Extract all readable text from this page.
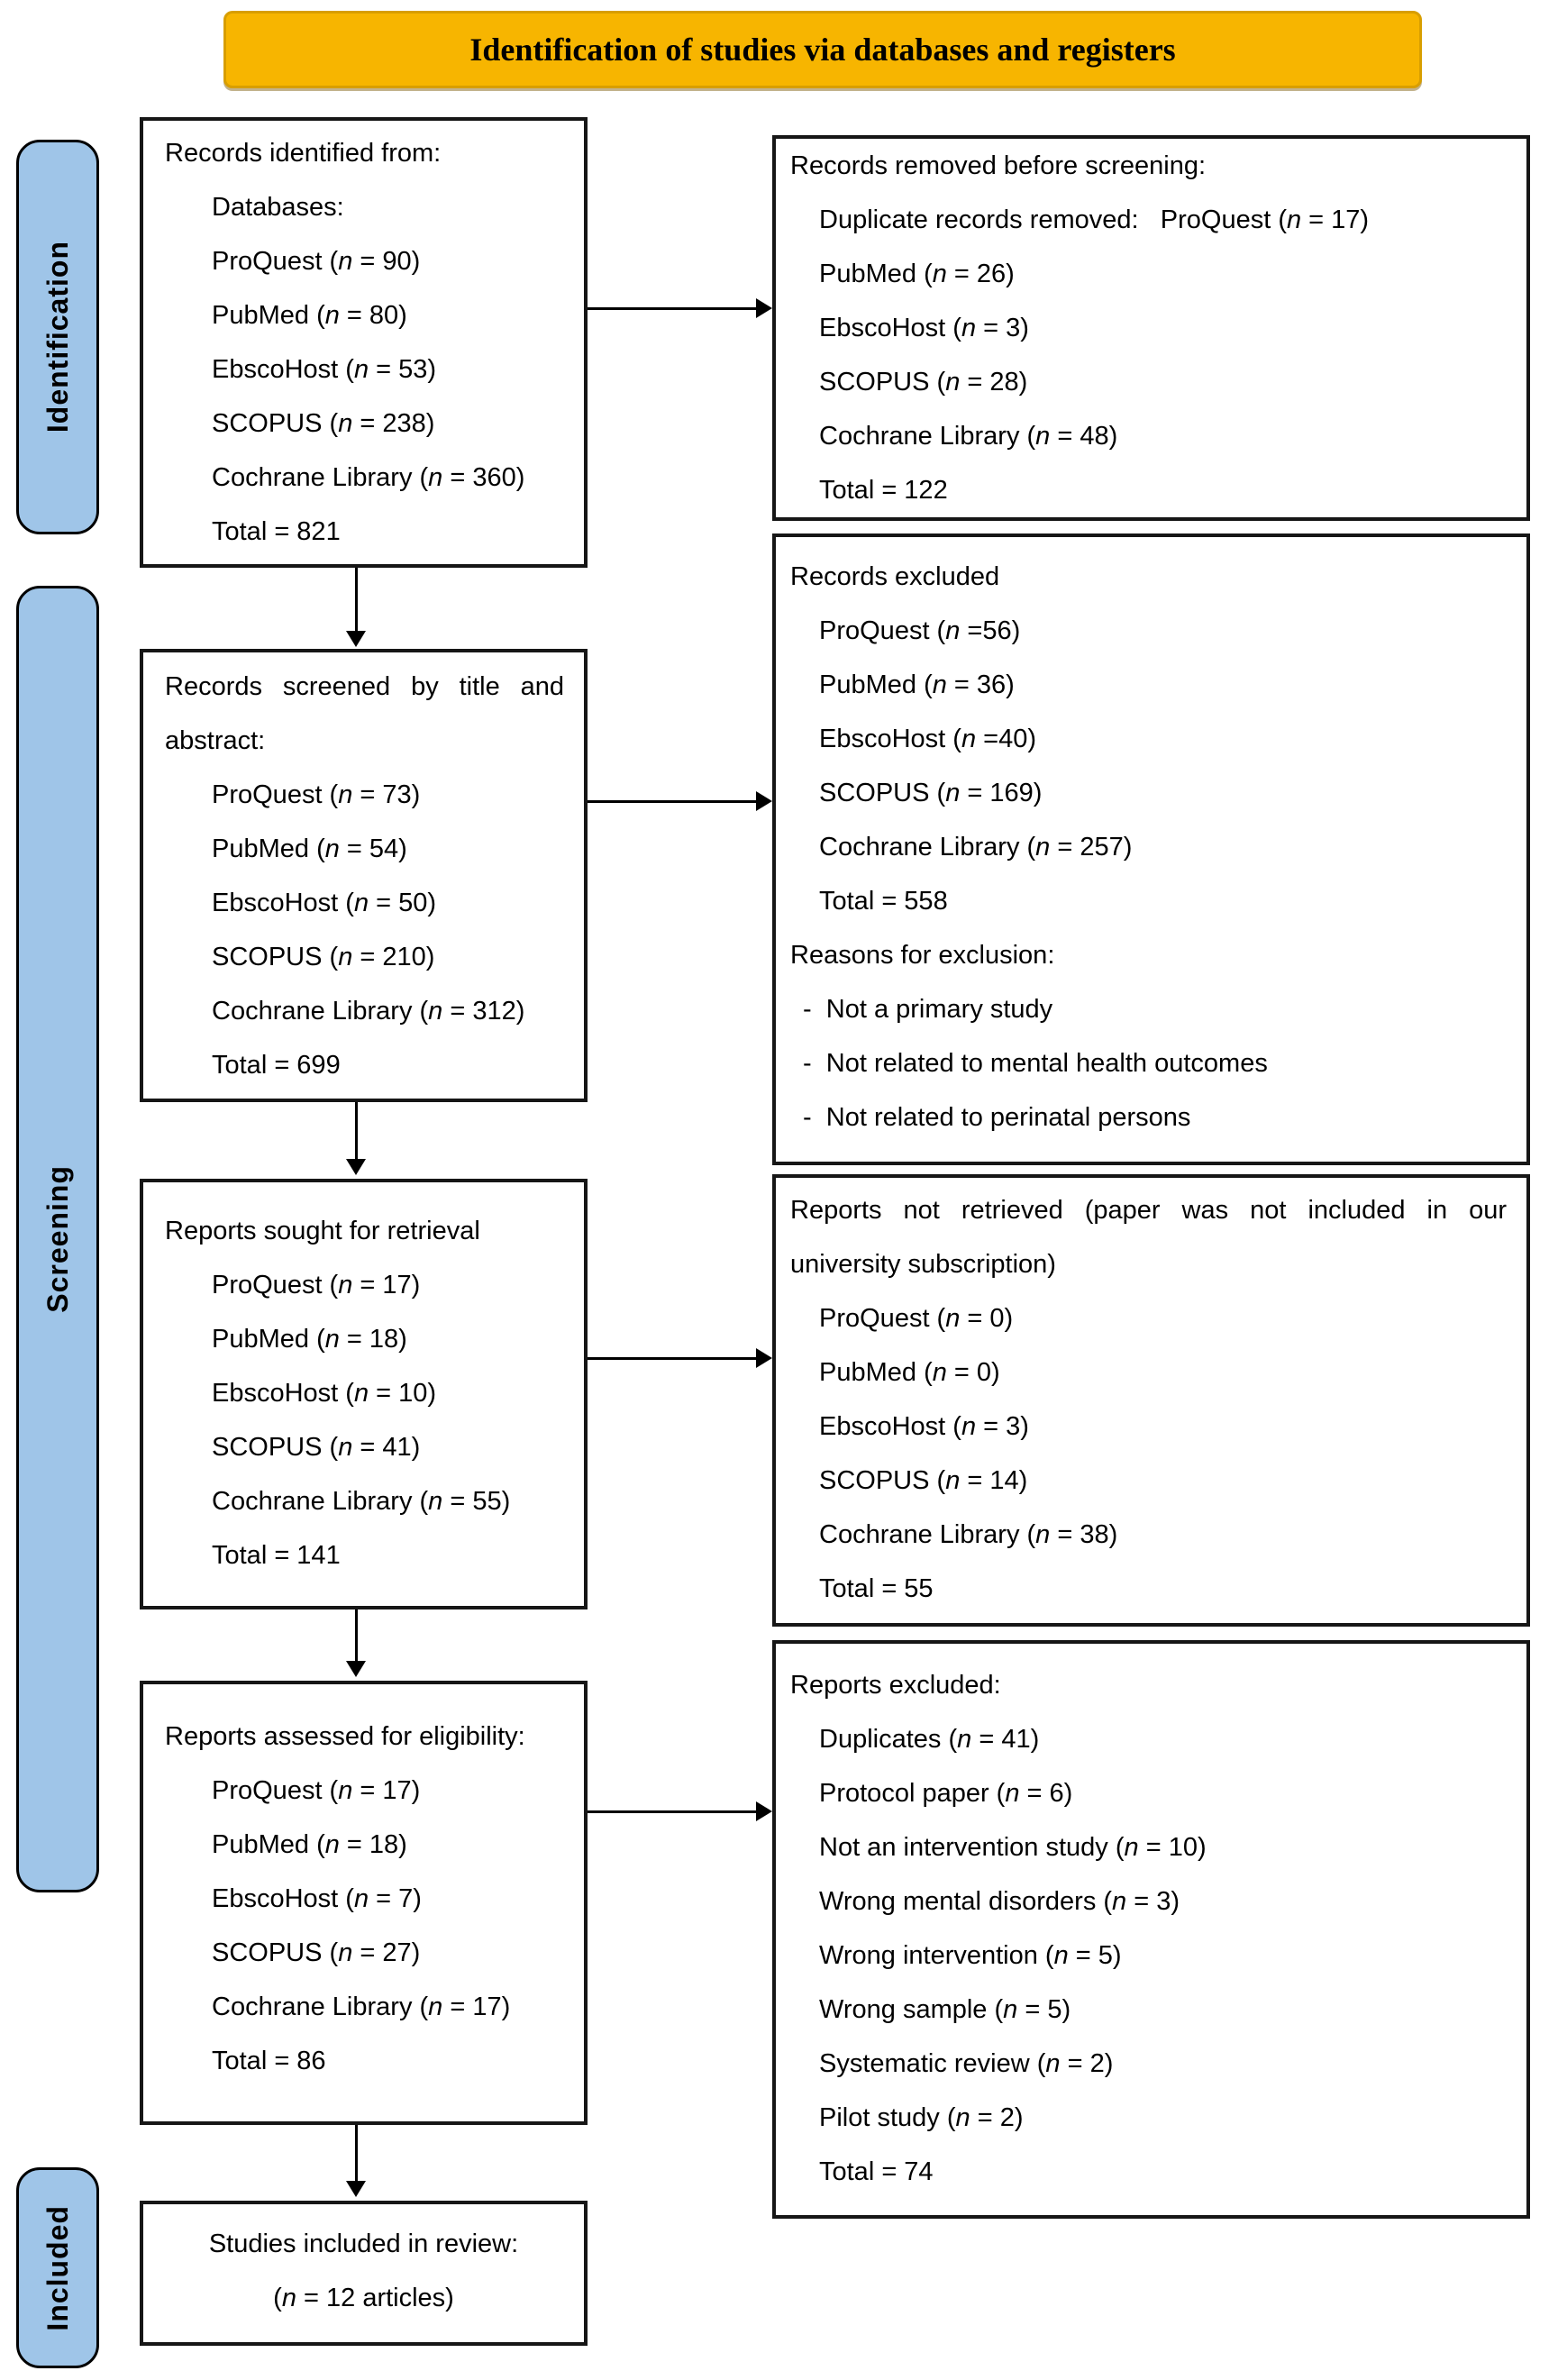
Identification of studies via databases and registers
Identification
Screening
Included
Records identified from:
Databases:
ProQuest (n = 90)
PubMed (n = 80)
EbscoHost (n = 53)
SCOPUS (n = 238)
Cochrane Library (n = 360)
Total = 821
Records removed before screening:
Duplicate records removed:   ProQuest (n = 17)
PubMed (n = 26)
EbscoHost (n = 3)
SCOPUS (n = 28)
Cochrane Library (n = 48)
Total = 122
Records screened by title and abstract:
ProQuest (n = 73)
PubMed (n = 54)
EbscoHost (n = 50)
SCOPUS (n = 210)
Cochrane Library (n = 312)
Total = 699
Records excluded
ProQuest (n =56)
PubMed (n = 36)
EbscoHost (n =40)
SCOPUS (n = 169)
Cochrane Library (n = 257)
Total = 558
Reasons for exclusion:
-  Not a primary study
-  Not related to mental health outcomes
-  Not related to perinatal persons
Reports sought for retrieval
ProQuest (n = 17)
PubMed (n = 18)
EbscoHost (n = 10)
SCOPUS (n = 41)
Cochrane Library (n = 55)
Total = 141
Reports not retrieved (paper was not included in our university subscription)
ProQuest (n = 0)
PubMed (n = 0)
EbscoHost (n = 3)
SCOPUS (n = 14)
Cochrane Library (n = 38)
Total = 55
Reports assessed for eligibility:
ProQuest (n = 17)
PubMed (n = 18)
EbscoHost (n = 7)
SCOPUS (n = 27)
Cochrane Library (n = 17)
Total = 86
Reports excluded:
Duplicates (n = 41)
Protocol paper (n = 6)
Not an intervention study (n = 10)
Wrong mental disorders (n = 3)
Wrong intervention (n = 5)
Wrong sample (n = 5)
Systematic review (n = 2)
Pilot study (n = 2)
Total = 74
Studies included in review:
(n = 12 articles)
